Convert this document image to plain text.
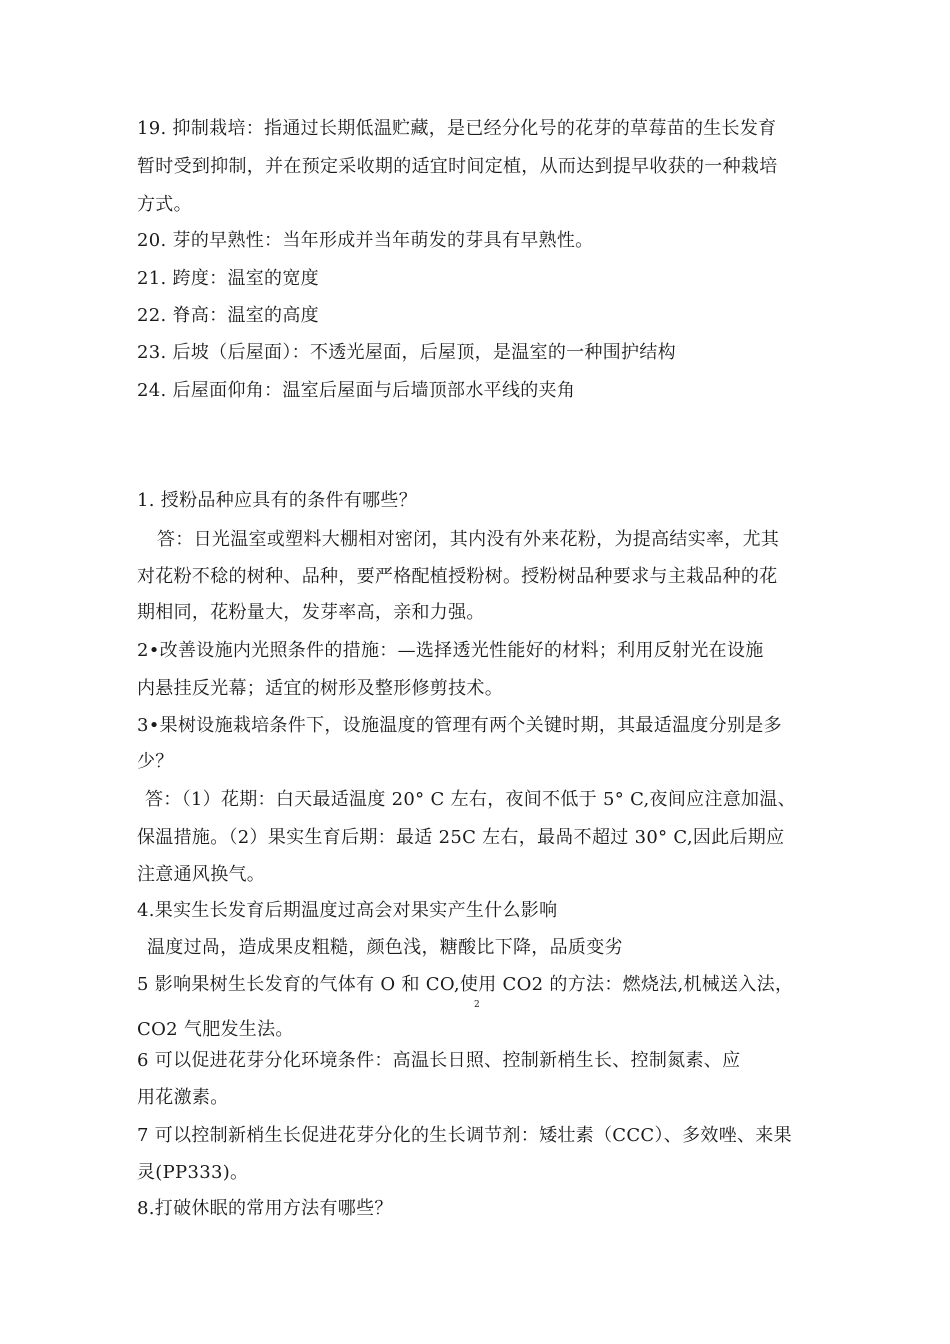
19. 抑制栽培：指通过长期低温贮藏，是已经分化号的花芽的草莓苗的生长发育
暂时受到抑制，并在预定采收期的适宜时间定植，从而达到提早收获的一种栽培
方式。
20. 芽的早熟性：当年形成并当年萌发的芽具有早熟性。
21. 跨度：温室的宽度
22. 脊高：温室的高度
23. 后坡（后屋面）：不透光屋面，后屋顶，是温室的一种围护结构
24. 后屋面仰角：温室后屋面与后墙顶部水平线的夹角
1. 授粉品种应具有的条件有哪些？
答：日光温室或塑料大棚相对密闭，其内没有外来花粉，为提高结实率，尤其
对花粉不稔的树种、品种，要严格配植授粉树。授粉树品种要求与主栽品种的花
期相同，花粉量大，发芽率高，亲和力强。
2•改善设施内光照条件的措施：—选择透光性能好的材料；利用反射光在设施
内悬挂反光幕；适宜的树形及整形修剪技术。
3•果树设施栽培条件下，设施温度的管理有两个关键时期，其最适温度分别是多
少？
答：（1）花期：白天最适温度 20° C 左右，夜间不低于 5° C,夜间应注意加温、
保温措施。（2）果实生育后期：最适 25C 左右，最咼不超过 30° C,因此后期应
注意通风换气。
4.果实生长发育后期温度过高会对果实产生什么影响
温度过咼，造成果皮粗糙，颜色浅，糖酸比下降，品质变劣
5 影响果树生长发育的气体有 O 和 CO,使用 CO2 的方法：燃烧法,机械送入法，
2
CO2 气肥发生法。
6 可以促进花芽分化环境条件：高温长日照、控制新梢生长、控制氮素、应
用花激素。
7 可以控制新梢生长促进花芽分化的生长调节剂：矮壮素（CCC）、多效唑、来果
灵(PP333)。
8.打破休眠的常用方法有哪些？
